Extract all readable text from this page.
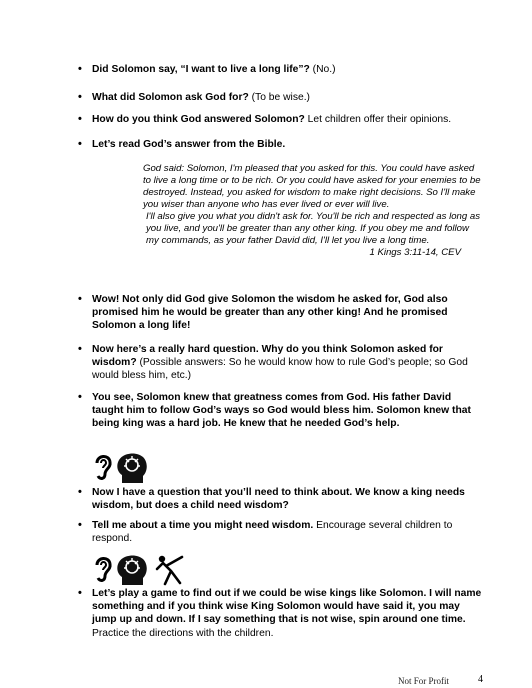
• Did Solomon say, “I want to live a long life”? (No.)
• What did Solomon ask God for? (To be wise.)
• How do you think God answered Solomon? Let children offer their opinions.
• Let’s read God’s answer from the Bible.

God said: Solomon, I'm pleased that you asked for this. You could have asked to live a long time or to be rich. Or you could have asked for your enemies to be destroyed. Instead, you asked for wisdom to make right decisions. So I'll make you wiser than anyone who has ever lived or ever will live.

I'll also give you what you didn't ask for. You'll be rich and respected as long as you live, and you'll be greater than any other king. If you obey me and follow my commands, as your father David did, I'll let you live a long time.

1 Kings 3:11-14, CEV
• Wow! Not only did God give Solomon the wisdom he asked for, God also promised him he would be greater than any other king! And he promised Solomon a long life!
• Now here’s a really hard question. Why do you think Solomon asked for wisdom? (Possible answers: So he would know how to rule God’s people; so God would bless him, etc.)
• You see, Solomon knew that greatness comes from God. His father David taught him to follow God’s ways so God would bless him. Solomon knew that being king was a hard job. He knew that he needed God’s help.
• Now I have a question that you’ll need to think about. We know a king needs wisdom, but does a child need wisdom?
• Tell me about a time you might need wisdom. Encourage several children to respond.
• Let’s play a game to find out if we could be wise kings like Solomon. I will name something and if you think wise King Solomon would have said it, you may jump up and down. If I say something that is not wise, spin around one time. Practice the directions with the children.
Not For Profit	4
